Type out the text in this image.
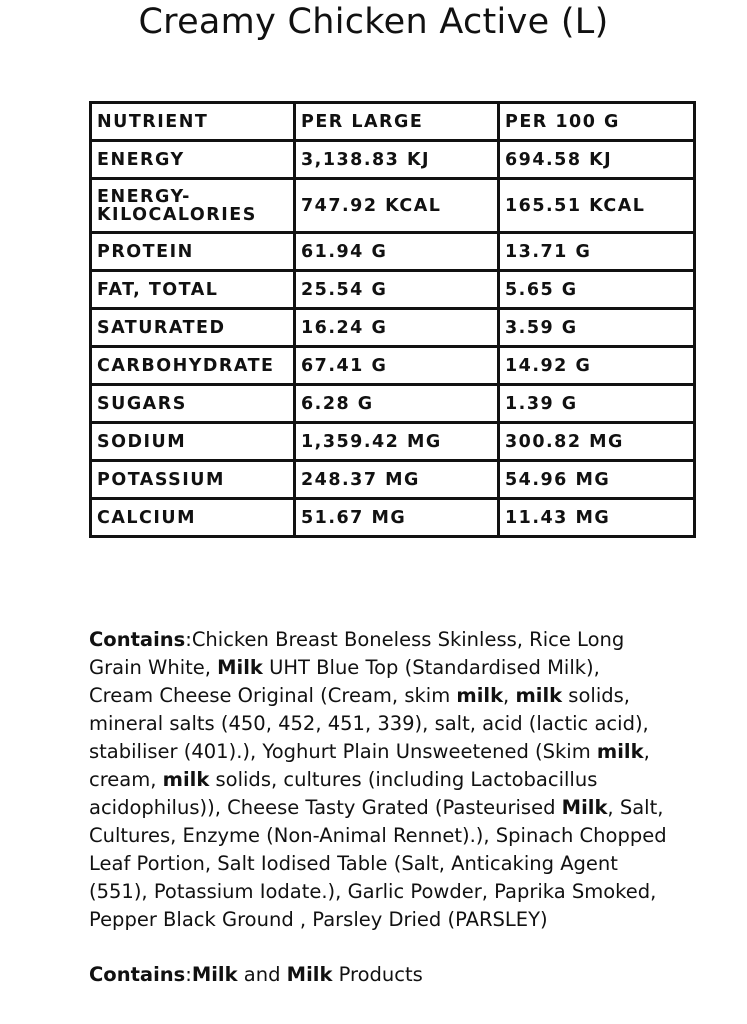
Creamy Chicken Active (L)
NUTRIENT	PER LARGE	PER 100 G
ENERGY	3,138.83 KJ	694.58 KJ
ENERGY-KILOCALORIES	747.92 KCAL	165.51 KCAL
PROTEIN	61.94 G	13.71 G
FAT, TOTAL	25.54 G	5.65 G
SATURATED	16.24 G	3.59 G
CARBOHYDRATE	67.41 G	14.92 G
SUGARS	6.28 G	1.39 G
SODIUM	1,359.42 MG	300.82 MG
POTASSIUM	248.37 MG	54.96 MG
CALCIUM	51.67 MG	11.43 MG

Contains:Chicken Breast Boneless Skinless, Rice Long Grain White, Milk UHT Blue Top (Standardised Milk), Cream Cheese Original (Cream, skim milk, milk solids, mineral salts (450, 452, 451, 339), salt, acid (lactic acid), stabiliser (401).), Yoghurt Plain Unsweetened (Skim milk, cream, milk solids, cultures (including Lactobacillus acidophilus)), Cheese Tasty Grated (Pasteurised Milk, Salt, Cultures, Enzyme (Non-Animal Rennet).), Spinach Chopped Leaf Portion, Salt Iodised Table (Salt, Anticaking Agent (551), Potassium Iodate.), Garlic Powder, Paprika Smoked, Pepper Black Ground , Parsley Dried (PARSLEY)

Contains:Milk and Milk Products
